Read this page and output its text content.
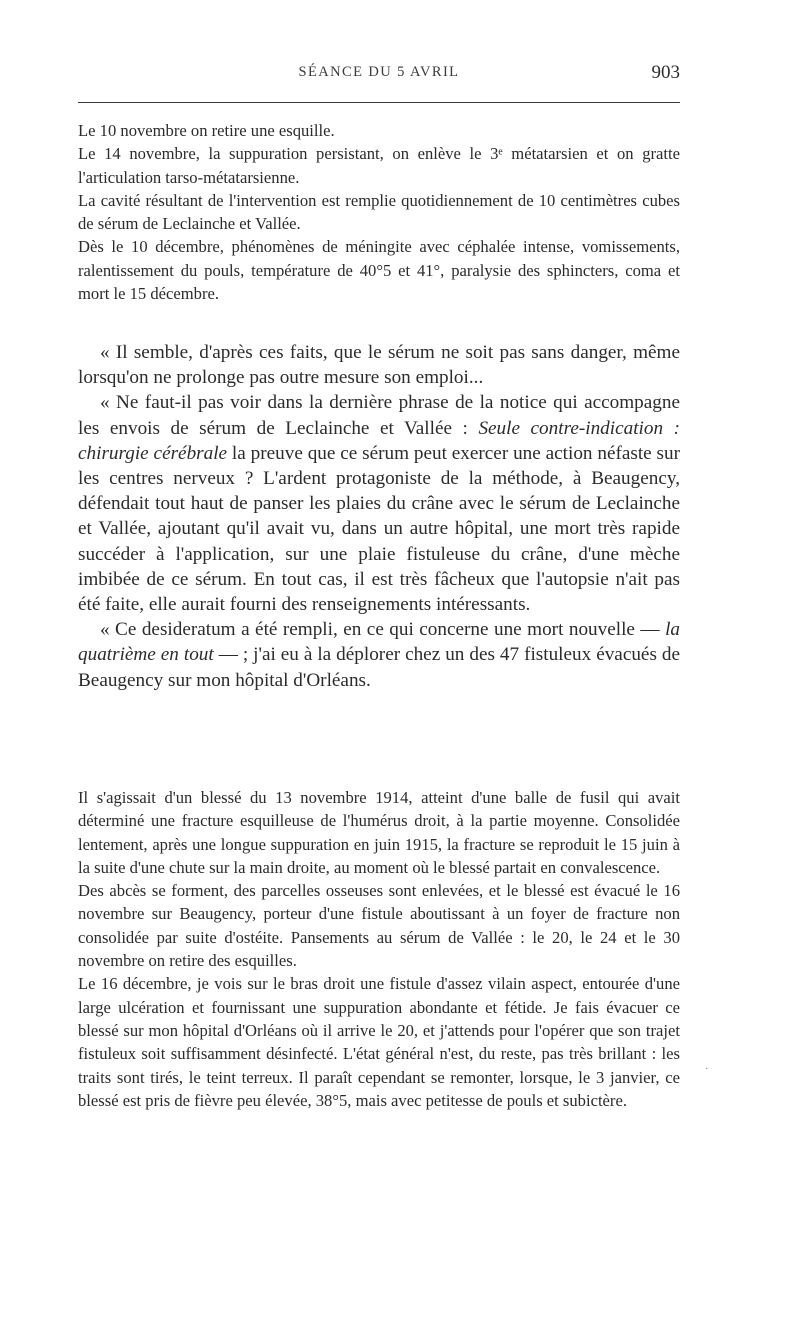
SÉANCE DU 5 AVRIL	903

Le 10 novembre on retire une esquille.

Le 14 novembre, la suppuration persistant, on enlève le 3ᵉ métatarsien et on gratte l'articulation tarso-métatarsienne.

La cavité résultant de l'intervention est remplie quotidiennement de 10 centimètres cubes de sérum de Leclainche et Vallée.

Dès le 10 décembre, phénomènes de méningite avec céphalée intense, vomissements, ralentissement du pouls, température de 40°5 et 41°, paralysie des sphincters, coma et mort le 15 décembre.

« Il semble, d'après ces faits, que le sérum ne soit pas sans danger, même lorsqu'on ne prolonge pas outre mesure son emploi...

« Ne faut-il pas voir dans la dernière phrase de la notice qui accompagne les envois de sérum de Leclainche et Vallée : Seule contre-indication : chirurgie cérébrale la preuve que ce sérum peut exercer une action néfaste sur les centres nerveux ? L'ardent protagoniste de la méthode, à Beaugency, défendait tout haut de panser les plaies du crâne avec le sérum de Leclainche et Vallée, ajoutant qu'il avait vu, dans un autre hôpital, une mort très rapide succéder à l'application, sur une plaie fistuleuse du crâne, d'une mèche imbibée de ce sérum. En tout cas, il est très fâcheux que l'autopsie n'ait pas été faite, elle aurait fourni des renseignements intéressants.

« Ce desideratum a été rempli, en ce qui concerne une mort nouvelle — la quatrième en tout — ; j'ai eu à la déplorer chez un des 47 fistuleux évacués de Beaugency sur mon hôpital d'Orléans.

Il s'agissait d'un blessé du 13 novembre 1914, atteint d'une balle de fusil qui avait déterminé une fracture esquilleuse de l'humérus droit, à la partie moyenne. Consolidée lentement, après une longue suppuration en juin 1915, la fracture se reproduit le 15 juin à la suite d'une chute sur la main droite, au moment où le blessé partait en convalescence.

Des abcès se forment, des parcelles osseuses sont enlevées, et le blessé est évacué le 16 novembre sur Beaugency, porteur d'une fistule aboutissant à un foyer de fracture non consolidée par suite d'ostéite. Pansements au sérum de Vallée : le 20, le 24 et le 30 novembre on retire des esquilles.

Le 16 décembre, je vois sur le bras droit une fistule d'assez vilain aspect, entourée d'une large ulcération et fournissant une suppuration abondante et fétide. Je fais évacuer ce blessé sur mon hôpital d'Orléans où il arrive le 20, et j'attends pour l'opérer que son trajet fistuleux soit suffisamment désinfecté. L'état général n'est, du reste, pas très brillant : les traits sont tirés, le teint terreux. Il paraît cependant se remonter, lorsque, le 3 janvier, ce blessé est pris de fièvre peu élevée, 38°5, mais avec petitesse de pouls et subictère.

·
